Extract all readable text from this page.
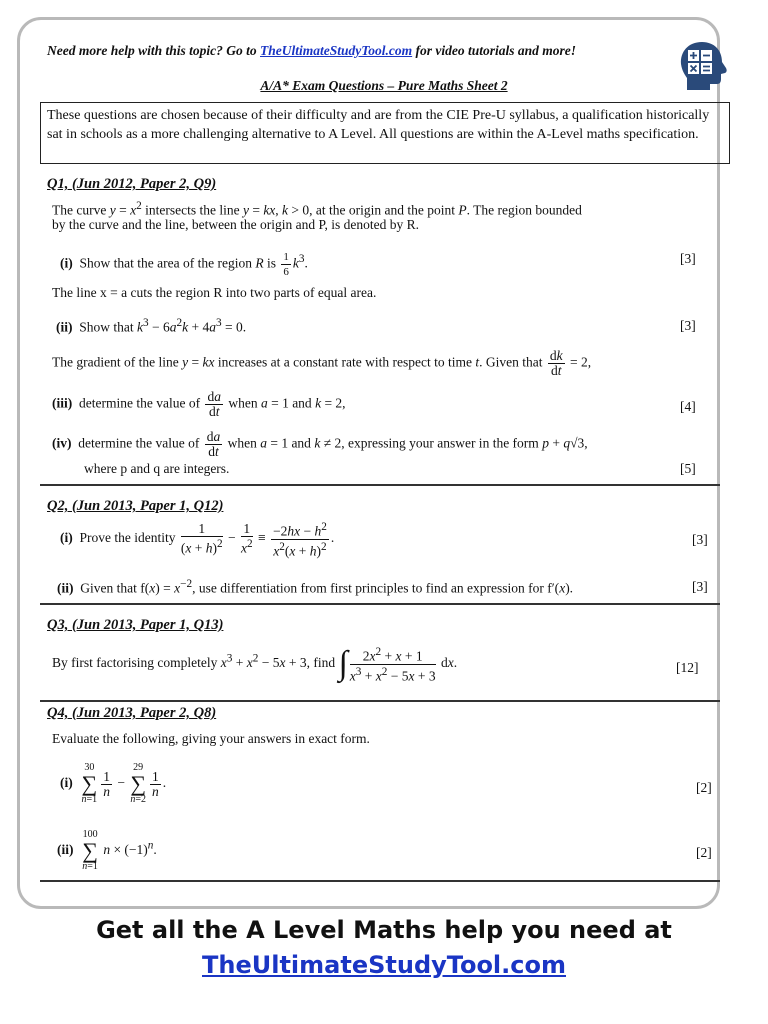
Need more help with this topic? Go to TheUltimateStudyTool.com for video tutorials and more!
A/A* Exam Questions – Pure Maths Sheet 2
These questions are chosen because of their difficulty and are from the CIE Pre-U syllabus, a qualification historically sat in schools as a more challenging alternative to A Level. All questions are within the A-Level maths specification.
Q1, (Jun 2012, Paper 2, Q9)
The curve $y = x^2$ intersects the line y = kx, k > 0, at the origin and the point P. The region bounded
by the curve and the line, between the origin and P, is denoted by R.
(i)  Show that the area of the region R is $\frac{1}{6} k^3$.	[3]
The line x = a cuts the region R into two parts of equal area.
(ii)  Show that $k^3 - 6a^2k + 4a^3 = 0$.	[3]
The gradient of the line y = kx increases at a constant rate with respect to time t. Given that $\frac{dk}{dt} = 2$,
(iii)  determine the value of $\frac{da}{dt}$ when a = 1 and k = 2,	[4]
(iv)  determine the value of $\frac{da}{dt}$ when a = 1 and k ≠ 2, expressing your answer in the form p + q√3,
where p and q are integers.	[5]
Q2, (Jun 2013, Paper 1, Q12)
(i)  Prove the identity $\frac{1}{(x + h)^2} - \frac{1}{x^2} \equiv \frac{-2hx - h^2}{x^2(x + h)^2}$ .	[3]
(ii)  Given that $f(x) = x^{-2}$, use differentiation from first principles to find an expression for f′(x).	[3]
Q3, (Jun 2013, Paper 1, Q13)
By first factorising completely $x^3 + x^2 - 5x + 3$, find ∫ $\frac{2x^2 + x + 1}{x^3 + x^2 - 5x + 3}$ dx.	[12]
Q4, (Jun 2013, Paper 2, Q8)
Evaluate the following, giving your answers in exact form.
(i)  30
∑
n=1
$\frac{1}{n} - 29$
∑
n=2
$\frac{1}{n}$ .	[2]
(ii)  100
∑
n=1 $n \times (-1)^n$.	[2]
Get all the A Level Maths help you need at
TheUltimateStudyTool.com
